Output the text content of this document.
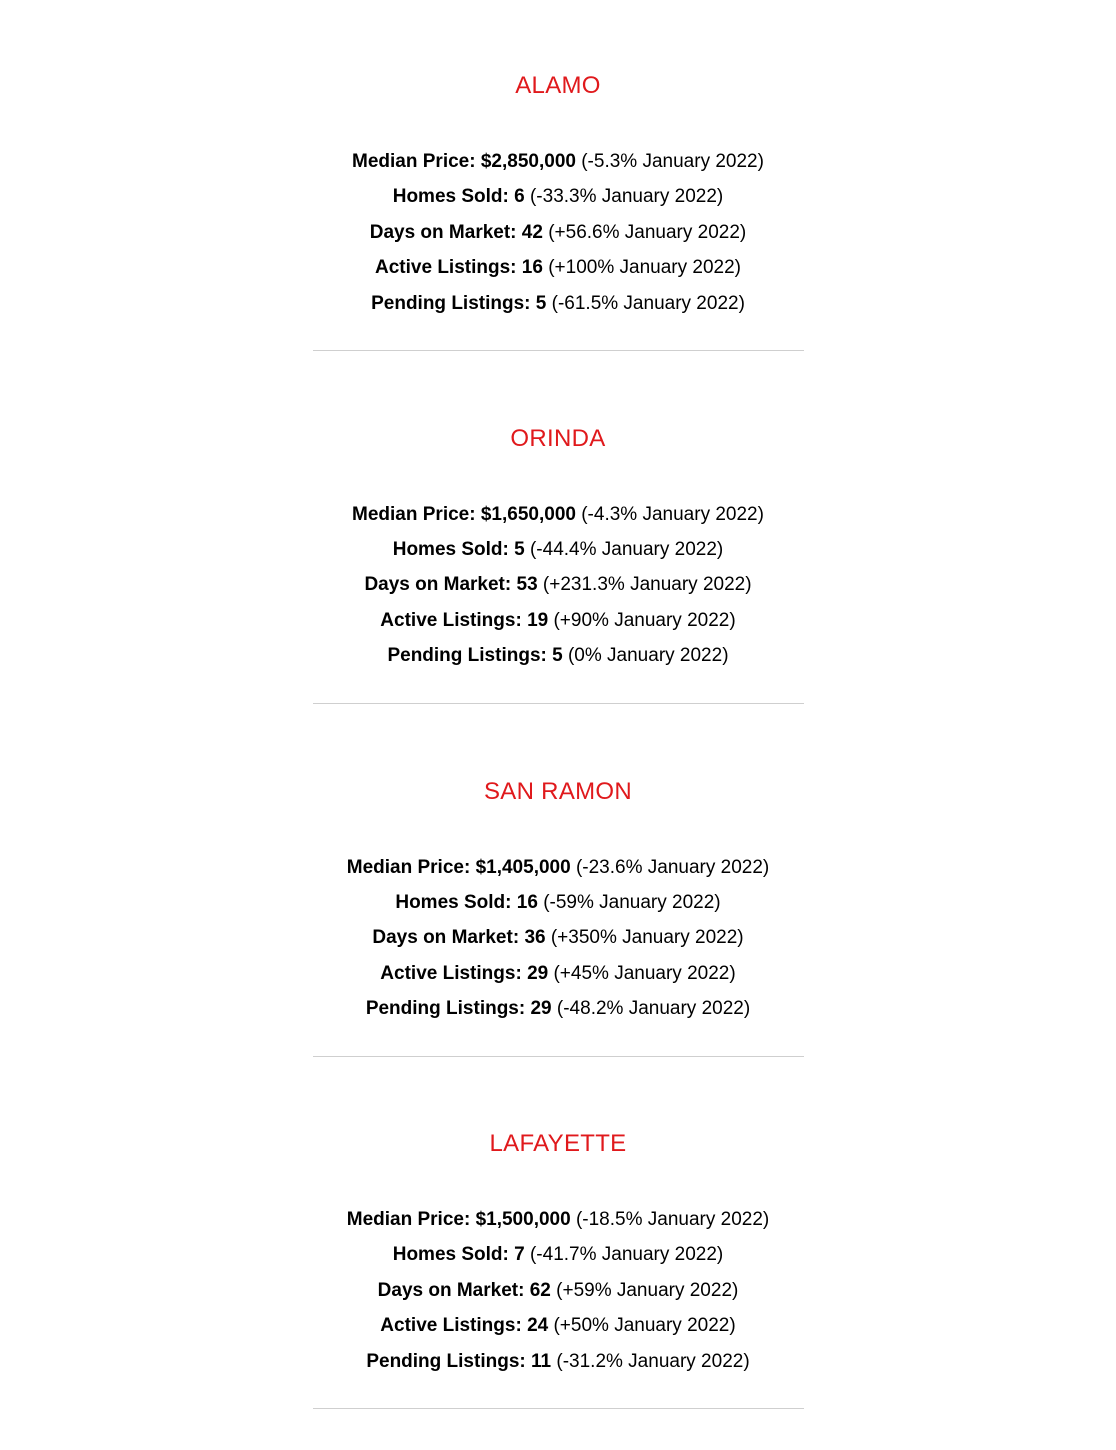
ALAMO
Median Price: $2,850,000 (-5.3% January 2022)
Homes Sold: 6 (-33.3% January 2022)
Days on Market: 42 (+56.6% January 2022)
Active Listings: 16 (+100% January 2022)
Pending Listings: 5 (-61.5% January 2022)
ORINDA
Median Price: $1,650,000 (-4.3% January 2022)
Homes Sold: 5 (-44.4% January 2022)
Days on Market: 53 (+231.3% January 2022)
Active Listings: 19 (+90% January 2022)
Pending Listings: 5 (0% January 2022)
SAN RAMON
Median Price: $1,405,000 (-23.6% January 2022)
Homes Sold: 16 (-59% January 2022)
Days on Market: 36 (+350% January 2022)
Active Listings: 29 (+45% January 2022)
Pending Listings: 29 (-48.2% January 2022)
LAFAYETTE
Median Price: $1,500,000 (-18.5% January 2022)
Homes Sold: 7 (-41.7% January 2022)
Days on Market: 62 (+59% January 2022)
Active Listings: 24 (+50% January 2022)
Pending Listings: 11 (-31.2% January 2022)
